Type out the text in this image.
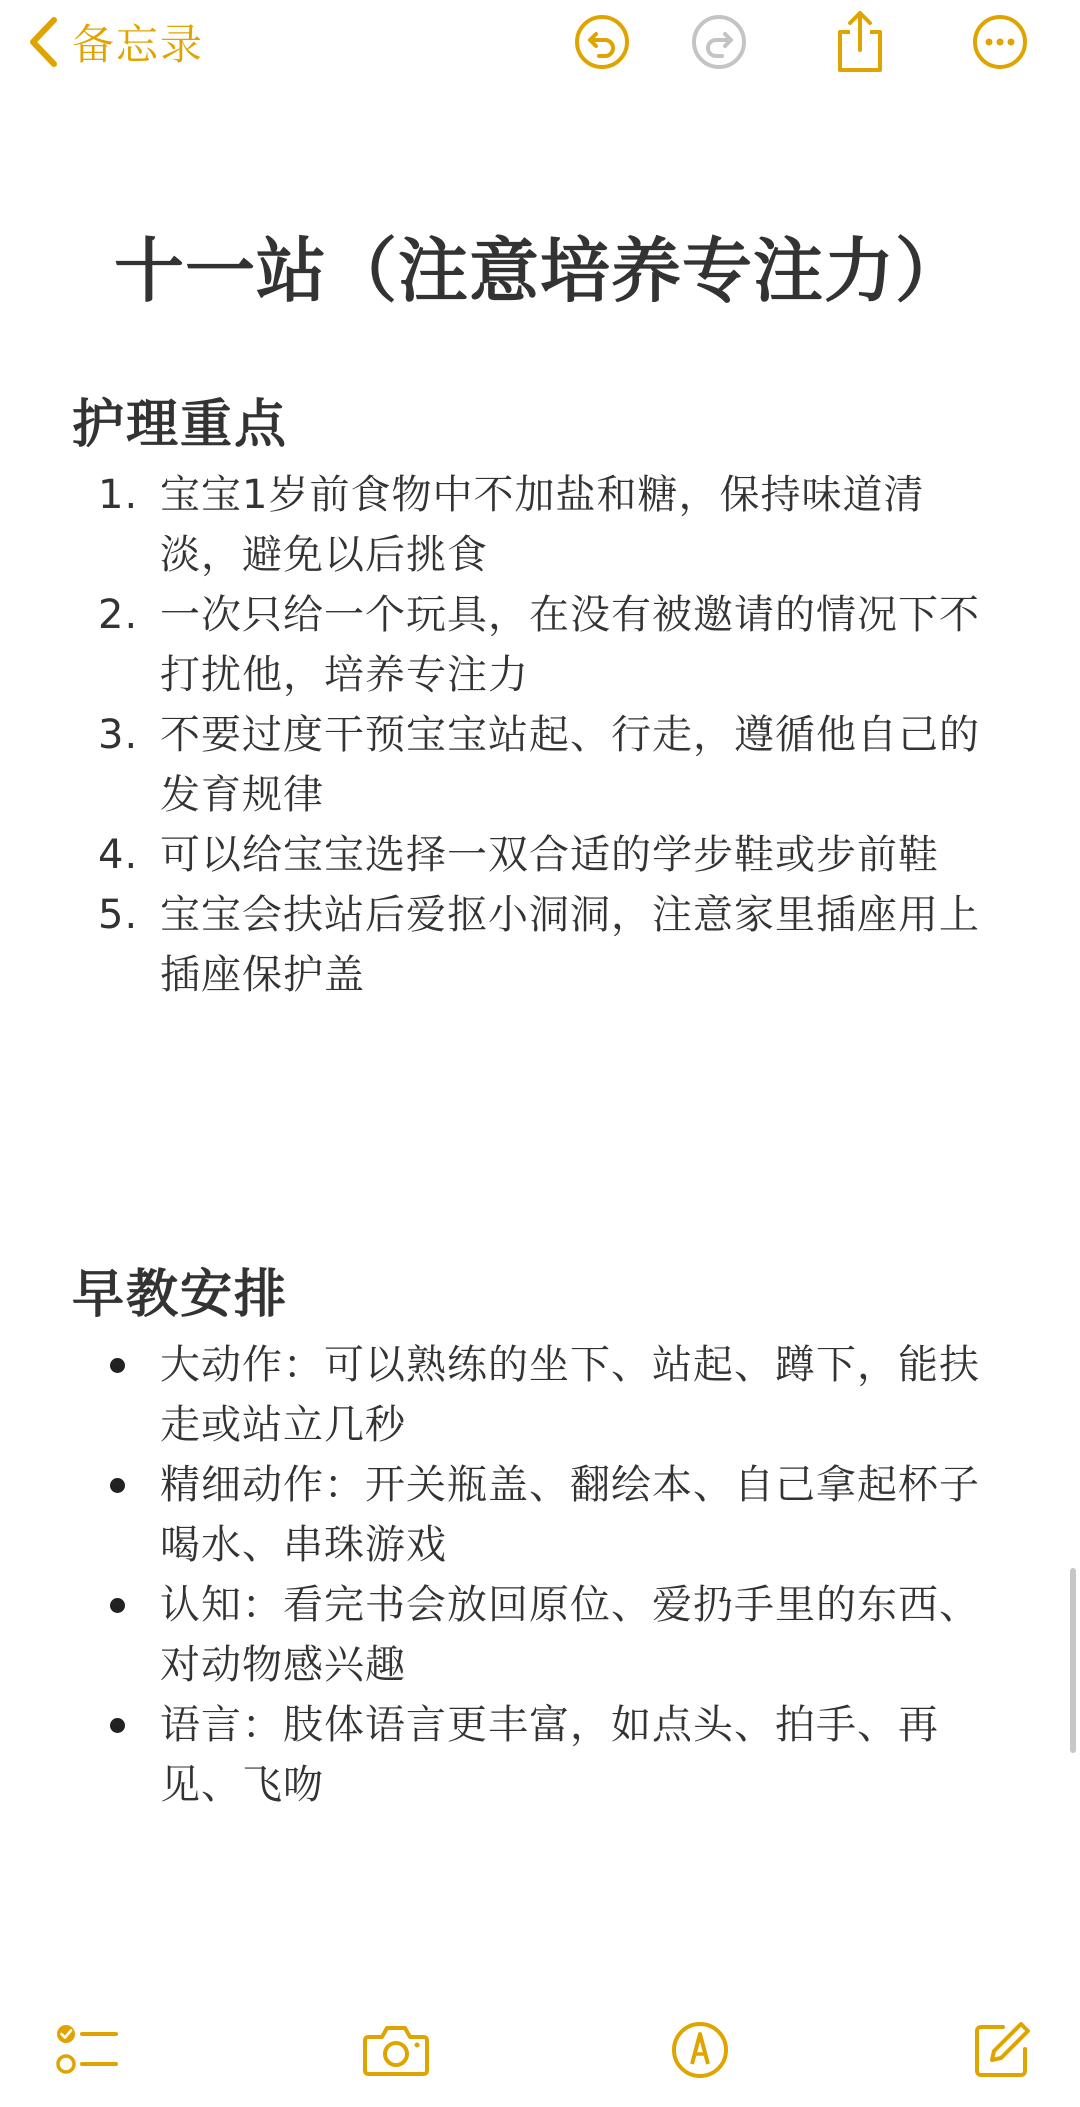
备忘录
十一站（注意培养专注力）
护理重点
1. 宝宝1岁前食物中不加盐和糖，保持味道清淡，避免以后挑食
2. 一次只给一个玩具，在没有被邀请的情况下不打扰他，培养专注力
3. 不要过度干预宝宝站起、行走，遵循他自己的发育规律
4. 可以给宝宝选择一双合适的学步鞋或步前鞋
5. 宝宝会扶站后爱抠小洞洞，注意家里插座用上插座保护盖
早教安排
大动作：可以熟练的坐下、站起、蹲下，能扶走或站立几秒
精细动作：开关瓶盖、翻绘本、自己拿起杯子喝水、串珠游戏
认知：看完书会放回原位、爱扔手里的东西、对动物感兴趣
语言：肢体语言更丰富，如点头、拍手、再见、飞吻
